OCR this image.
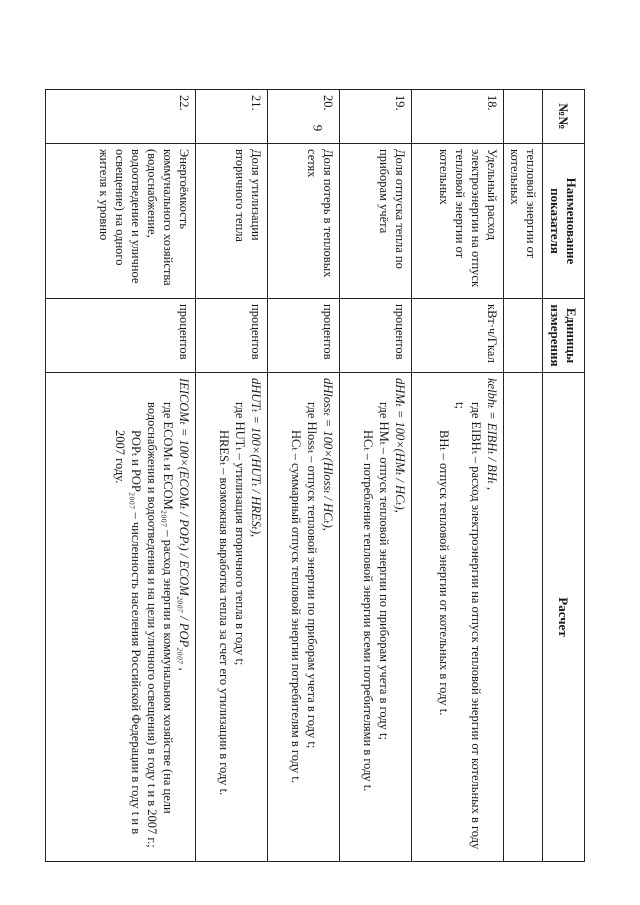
9	№№	Наименование показателя	Единицы измерения	Расчет
	тепловой энергии от котельных		
18.	Удельный расход электроэнергии на отпуск тепловой энергии от котельных	кВт·ч/Гкал	kelbhₜ = EIBHₜ / BHₜ ,

где EIBHₜ – расход электроэнергии на отпуск тепловой энергии от котельных в году t;

BHₜ – отпуск тепловой энергии от котельных в году t.

19.	Доля отпуска тепла по приборам учёта	процентов	dHMₜ = 100×(HMₜ / HCₜ),

где HMₜ – отпуск тепловой энергии по приборам учета в году t;

HCₜ – потребление тепловой энергии всеми потребителями в году t.

20.	Доля потерь в тепловых сетях	процентов	dHlossₜ = 100×(Hlossₜ / HCₜ),

где Hlossₜ – отпуск тепловой энергии по приборам учета в году t;

HCₜ – суммарный отпуск тепловой энергии потребителям в году t.

21.	Доля утилизации вторичного тепла	процентов	dHUTₜ = 100×(HUTₜ / HRESₜ),

где HUTₜ – утилизация вторичного тепла в году t;

HRESₜ – возможная выработка тепла за счет его утилизации в году t.

22.	Энергоёмкость коммунального хозяйства (водоснабжение, водоотведение и уличное освещение) на одного жителя к уровню	процентов	IEICOMₜ = 100×(ECOMₜ / POPₜ) / ECOM₂₀₀₇ / POP₂₀₀₇ ,

где ECOMₜ и ECOM₂₀₀₇ – расход энергии в коммунальном хозяйстве (на цели водоснабжения и водоотведения и на цели уличного освещения) в году t и в 2007 г.;

POPₜ и POP₂₀₀₇ – численность населения Российской Федерации в году t и в 2007 году.
